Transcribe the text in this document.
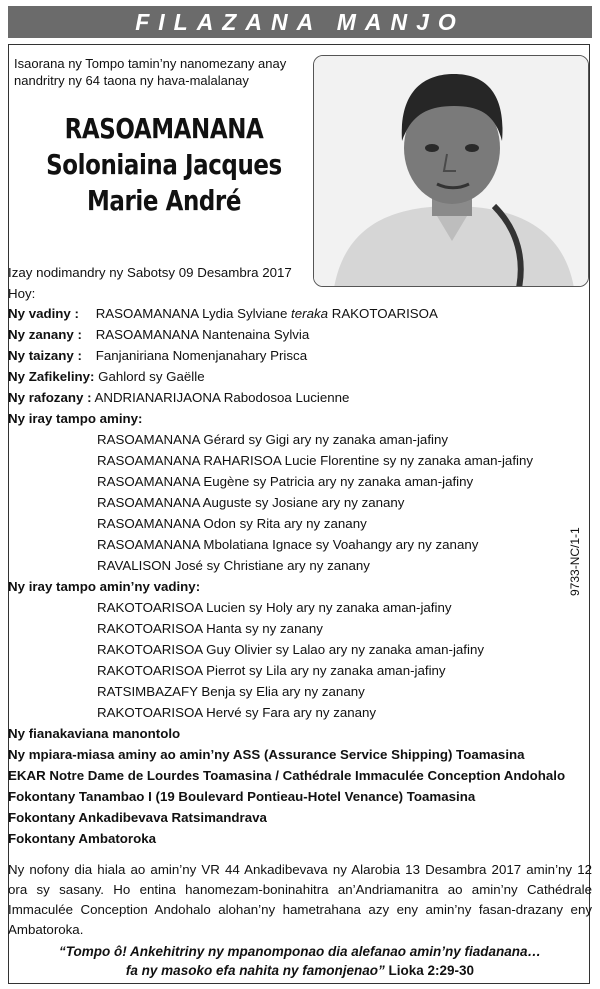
FILAZANA MANJO
Isaorana ny Tompo tamin’ny nanomezany anay
nandritry ny 64 taona ny hava-malalanay
RASOAMANANA
Soloniaina Jacques
Marie André
Izay nodimandry ny Sabotsy 09 Desambra 2017
Hoy:
Ny vadiny : RASOAMANANA Lydia Sylviane teraka RAKOTOARISOA
Ny zanany : RASOAMANANA Nantenaina Sylvia
Ny taizany : Fanjaniriana Nomenjanahary Prisca
Ny Zafikeliny: Gahlord sy Gaëlle
Ny rafozany : ANDRIANARIJAONA Rabodosoa Lucienne
Ny iray tampo aminy:
RASOAMANANA Gérard sy Gigi ary ny zanaka aman-jafiny
RASOAMANANA RAHARISOA Lucie Florentine sy ny zanaka aman-jafiny
RASOAMANANA Eugène sy Patricia ary ny zanaka aman-jafiny
RASOAMANANA Auguste sy Josiane ary ny zanany
RASOAMANANA Odon sy Rita ary ny zanany
RASOAMANANA Mbolatiana Ignace sy Voahangy ary ny zanany
RAVALISON José sy Christiane ary ny zanany
Ny iray tampo amin’ny vadiny:
RAKOTOARISOA Lucien sy Holy ary ny zanaka aman-jafiny
RAKOTOARISOA Hanta sy ny zanany
RAKOTOARISOA Guy Olivier sy Lalao ary ny zanaka aman-jafiny
RAKOTOARISOA Pierrot sy Lila ary ny zanaka aman-jafiny
RATSIMBAZAFY Benja sy Elia ary ny zanany
RAKOTOARISOA Hervé sy Fara ary ny zanany
Ny fianakaviana manontolo
Ny mpiara-miasa aminy ao amin’ny ASS (Assurance Service Shipping) Toamasina
EKAR Notre Dame de Lourdes Toamasina / Cathédrale Immaculée Conception Andohalo
Fokontany Tanambao I (19 Boulevard Pontieau-Hotel Venance) Toamasina
Fokontany Ankadibevava Ratsimandrava
Fokontany Ambatoroka
9733-NC/1-1
Ny nofony dia hiala ao amin’ny VR 44 Ankadibevava ny Alarobia 13 Desambra 2017 amin’ny 12 ora sy sasany. Ho entina hanomezam-boninahitra an’Andriamanitra ao amin’ny Cathédrale Immaculée Conception Andohalo alohan’ny hametrahana azy eny amin’ny fasan-drazany eny Ambatoroka.
“Tompo ô! Ankehitriny ny mpanomponao dia alefanao amin’ny fiadanana…
fa ny masoko efa nahita ny famonjenao” Lioka 2:29-30
